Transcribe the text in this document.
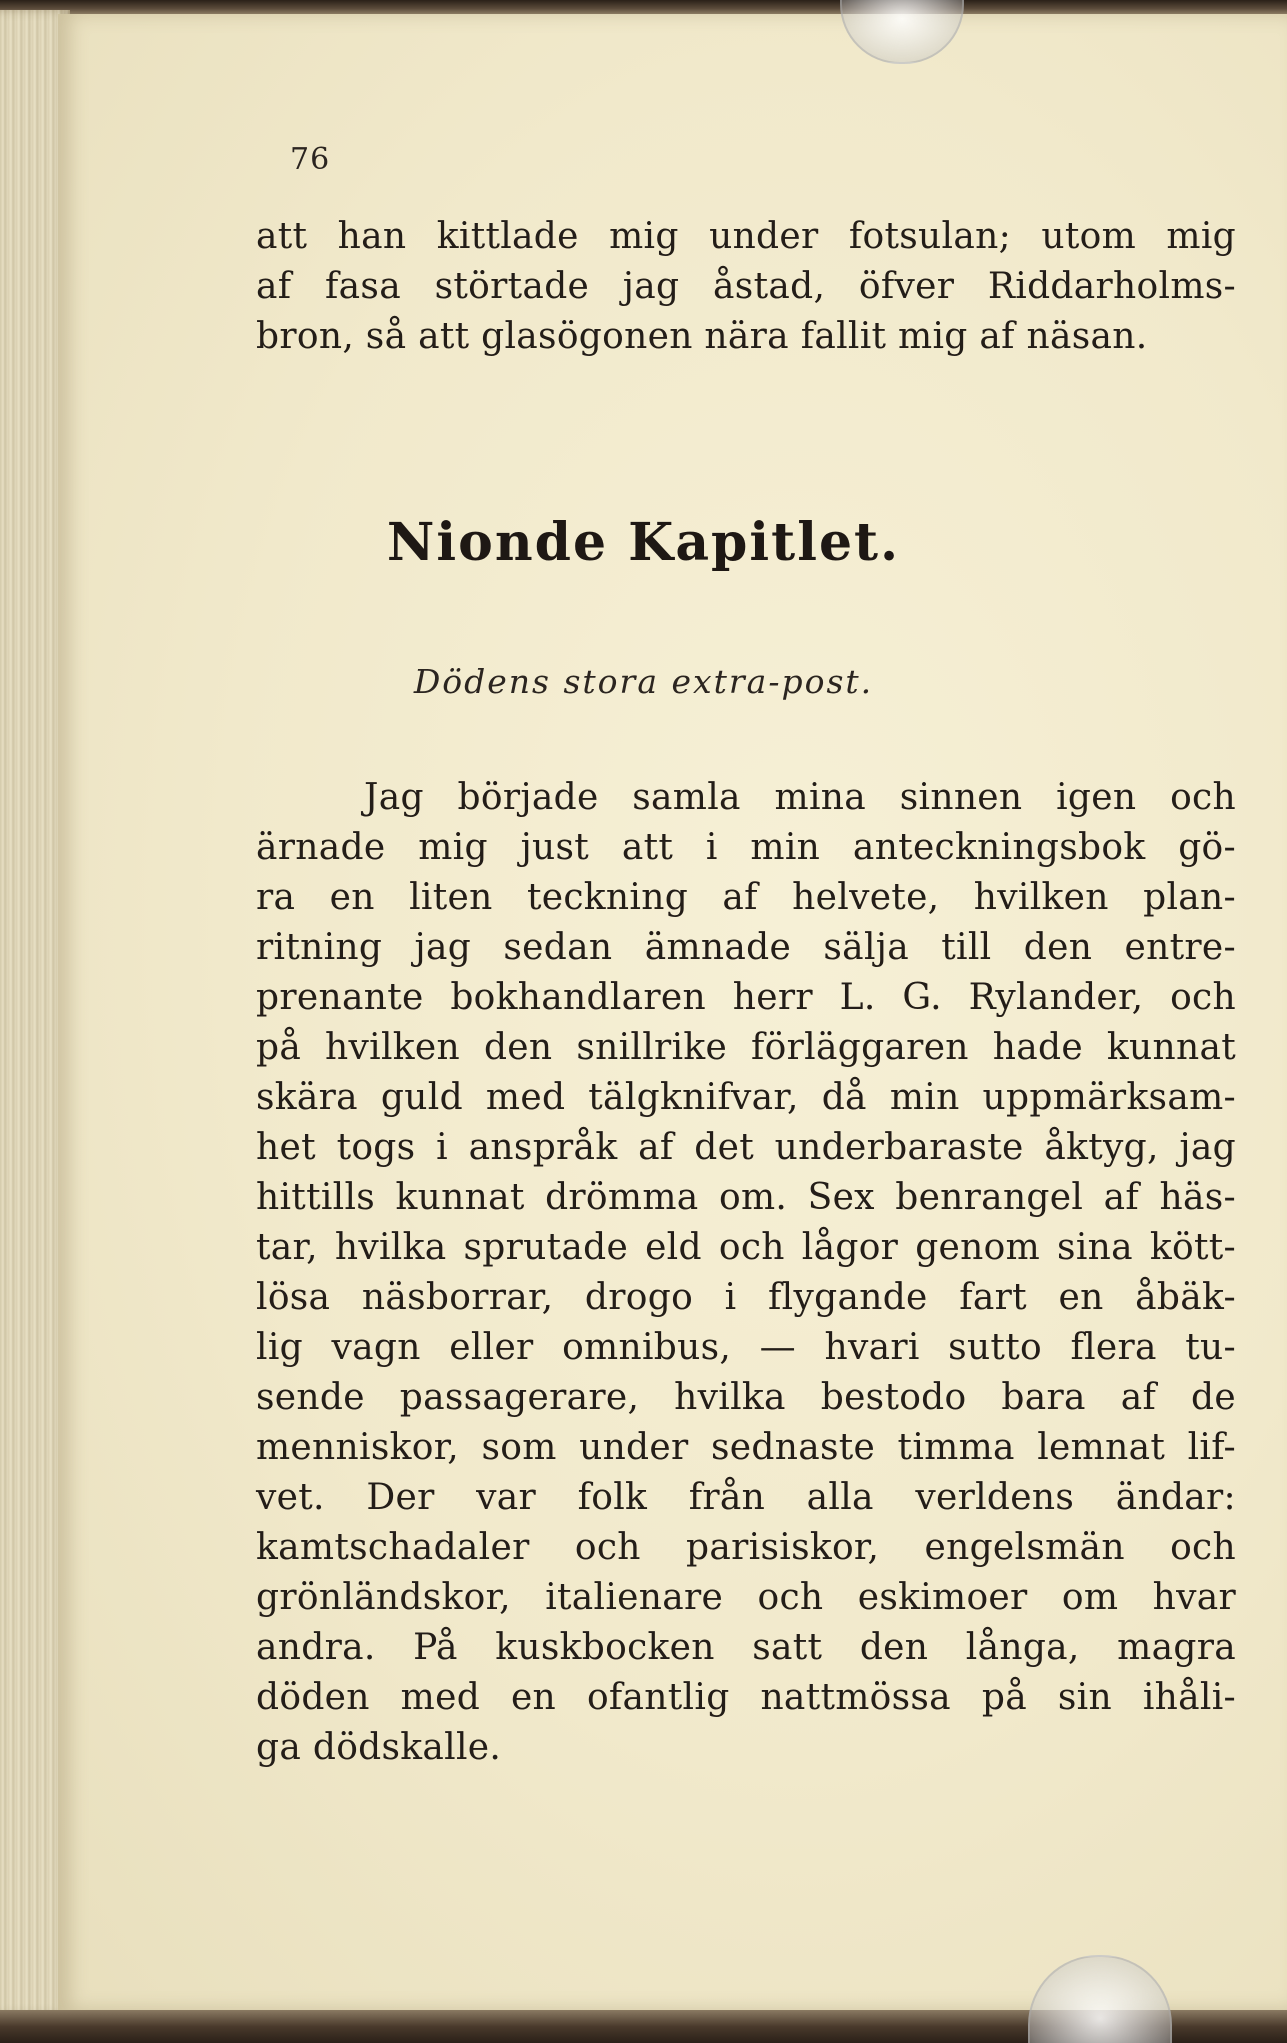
76
att han kittlade mig under fotsulan; utom mig
af fasa störtade jag åstad, öfver Riddarholms-
bron, så att glasögonen nära fallit mig af näsan.
Nionde Kapitlet.
Dödens stora extra-post.
Jag började samla mina sinnen igen och
ärnade mig just att i min anteckningsbok gö-
ra en liten teckning af helvete, hvilken plan-
ritning jag sedan ämnade sälja till den entre-
prenante bokhandlaren herr L. G. Rylander, och
på hvilken den snillrike förläggaren hade kunnat
skära guld med tälgknifvar, då min uppmärksam-
het togs i anspråk af det underbaraste åktyg, jag
hittills kunnat drömma om. Sex benrangel af häs-
tar, hvilka sprutade eld och lågor genom sina kött-
lösa näsborrar, drogo i flygande fart en åbäk-
lig vagn eller omnibus, — hvari sutto flera tu-
sende passagerare, hvilka bestodo bara af de
menniskor, som under sednaste timma lemnat lif-
vet. Der var folk från alla verldens ändar:
kamtschadaler och parisiskor, engelsmän och
grönländskor, italienare och eskimoer om hvar
andra. På kuskbocken satt den långa, magra
döden med en ofantlig nattmössa på sin ihåli-
ga dödskalle.
